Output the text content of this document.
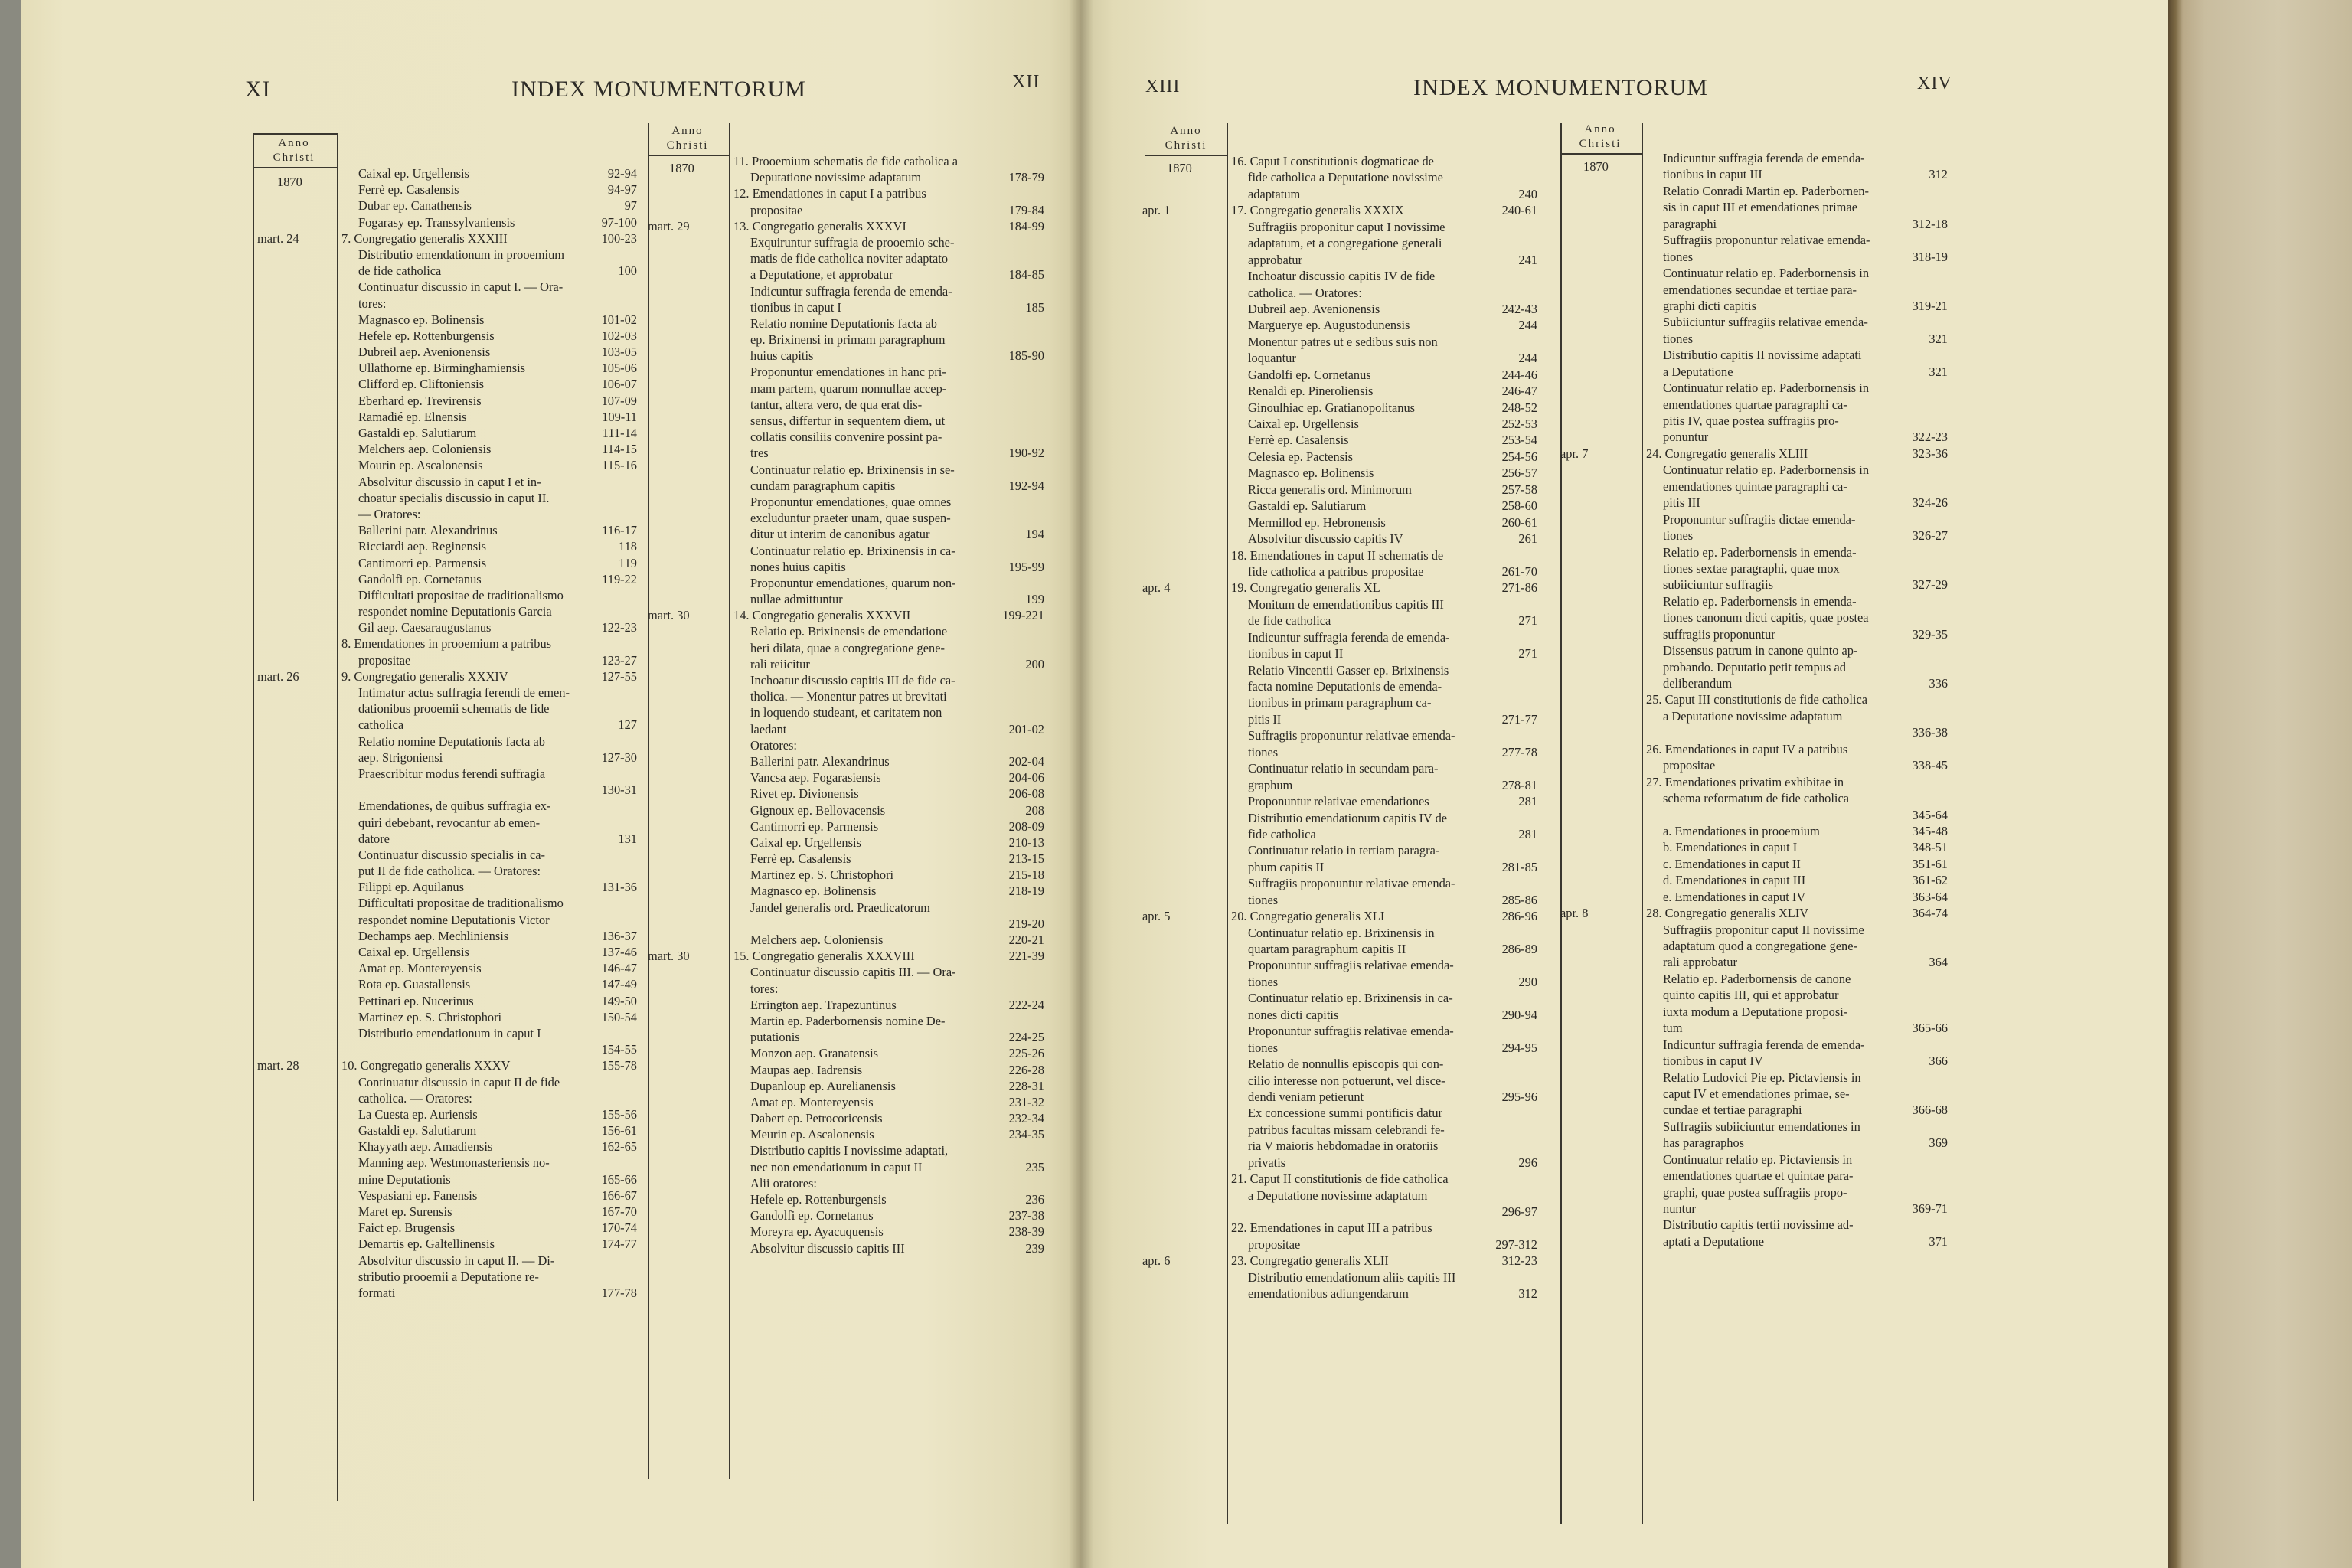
XI	INDEX MONUMENTORUM	XII	XIII	INDEX MONUMENTORUM	XIV
Anno
Christi
Anno
Christi
Anno
Christi
Anno
Christi
1870
1870	1870	1870
Caixal ep. Urgellensis	92-94
Ferrè ep. Casalensis	94-97
Dubar ep. Canathensis	97
Fogarasy ep. Transsylvaniensis	97-100
mart. 24	7. Congregatio generalis XXXIII	100-23
Distributio emendationum in prooemium
de fide catholica	100
Continuatur discussio in caput I. — Ora-
tores:
Magnasco ep. Bolinensis	101-02
Hefele ep. Rottenburgensis	102-03
Dubreil aep. Avenionensis	103-05
Ullathorne ep. Birminghamiensis	105-06
Clifford ep. Cliftoniensis	106-07
Eberhard ep. Trevirensis	107-09
Ramadié ep. Elnensis	109-11
Gastaldi ep. Salutiarum	111-14
Melchers aep. Coloniensis	114-15
Mourin ep. Ascalonensis	115-16
Absolvitur discussio in caput I et in-
choatur specialis discussio in caput II.
— Oratores:
Ballerini patr. Alexandrinus	116-17
Ricciardi aep. Reginensis	118
Cantimorri ep. Parmensis	119
Gandolfi ep. Cornetanus	119-22
Difficultati propositae de traditionalismo
respondet nomine Deputationis Garcia
Gil aep. Caesaraugustanus	122-23
8. Emendationes in prooemium a patribus
propositae	123-27
mart. 26	9. Congregatio generalis XXXIV	127-55
Intimatur actus suffragia ferendi de emen-
dationibus prooemii schematis de fide
catholica	127
Relatio nomine Deputationis facta ab
aep. Strigoniensi	127-30
Praescribitur modus ferendi suffragia
130-31
Emendationes, de quibus suffragia ex-
quiri debebant, revocantur ab emen-
datore	131
Continuatur discussio specialis in ca-
put II de fide catholica. — Oratores:
Filippi ep. Aquilanus	131-36
Difficultati propositae de traditionalismo
respondet nomine Deputationis Victor
Dechamps aep. Mechliniensis	136-37
Caixal ep. Urgellensis	137-46
Amat ep. Montereyensis	146-47
Rota ep. Guastallensis	147-49
Pettinari ep. Nucerinus	149-50
Martinez ep. S. Christophori	150-54
Distributio emendationum in caput I
154-55
mart. 28	10. Congregatio generalis XXXV	155-78
Continuatur discussio in caput II de fide
catholica. — Oratores:
La Cuesta ep. Auriensis	155-56
Gastaldi ep. Salutiarum	156-61
Khayyath aep. Amadiensis	162-65
Manning aep. Westmonasteriensis no-
mine Deputationis	165-66
Vespasiani ep. Fanensis	166-67
Maret ep. Surensis	167-70
Faict ep. Brugensis	170-74
Demartis ep. Galtellinensis	174-77
Absolvitur discussio in caput II. — Di-
stributio prooemii a Deputatione re-
formati	177-78
11. Prooemium schematis de fide catholica a
Deputatione novissime adaptatum	178-79
12. Emendationes in caput I a patribus
propositae	179-84
mart. 29	13. Congregatio generalis XXXVI	184-99
Exquiruntur suffragia de prooemio sche-
matis de fide catholica noviter adaptato
a Deputatione, et approbatur	184-85
Indicuntur suffragia ferenda de emenda-
tionibus in caput I	185
Relatio nomine Deputationis facta ab
ep. Brixinensi in primam paragraphum
huius capitis	185-90
Proponuntur emendationes in hanc pri-
mam partem, quarum nonnullae accep-
tantur, altera vero, de qua erat dis-
sensus, differtur in sequentem diem, ut
collatis consiliis convenire possint pa-
tres	190-92
Continuatur relatio ep. Brixinensis in se-
cundam paragraphum capitis	192-94
Proponuntur emendationes, quae omnes
excluduntur praeter unam, quae suspen-
ditur ut interim de canonibus agatur	194
Continuatur relatio ep. Brixinensis in ca-
nones huius capitis	195-99
Proponuntur emendationes, quarum non-
nullae admittuntur	199
mart. 30	14. Congregatio generalis XXXVII	199-221
Relatio ep. Brixinensis de emendatione
heri dilata, quae a congregatione gene-
rali reiicitur	200
Inchoatur discussio capitis III de fide ca-
tholica. — Monentur patres ut brevitati
in loquendo studeant, et caritatem non
laedant	201-02
Oratores:
Ballerini patr. Alexandrinus	202-04
Vancsa aep. Fogarasiensis	204-06
Rivet ep. Divionensis	206-08
Gignoux ep. Bellovacensis	208
Cantimorri ep. Parmensis	208-09
Caixal ep. Urgellensis	210-13
Ferrè ep. Casalensis	213-15
Martinez ep. S. Christophori	215-18
Magnasco ep. Bolinensis	218-19
Jandel generalis ord. Praedicatorum
219-20
Melchers aep. Coloniensis	220-21
mart. 30	15. Congregatio generalis XXXVIII	221-39
Continuatur discussio capitis III. — Ora-
tores:
Errington aep. Trapezuntinus	222-24
Martin ep. Paderbornensis nomine De-
putationis	224-25
Monzon aep. Granatensis	225-26
Maupas aep. Iadrensis	226-28
Dupanloup ep. Aurelianensis	228-31
Amat ep. Montereyensis	231-32
Dabert ep. Petrocoricensis	232-34
Meurin ep. Ascalonensis	234-35
Distributio capitis I novissime adaptati,
nec non emendationum in caput II	235
Alii oratores:
Hefele ep. Rottenburgensis	236
Gandolfi ep. Cornetanus	237-38
Moreyra ep. Ayacuquensis	238-39
Absolvitur discussio capitis III	239
16. Caput I constitutionis dogmaticae de
fide catholica a Deputatione novissime
adaptatum	240
apr. 1	17. Congregatio generalis XXXIX	240-61
Suffragiis proponitur caput I novissime
adaptatum, et a congregatione generali
approbatur	241
Inchoatur discussio capitis IV de fide
catholica. — Oratores:
Dubreil aep. Avenionensis	242-43
Marguerye ep. Augustodunensis	244
Monentur patres ut e sedibus suis non
loquantur	244
Gandolfi ep. Cornetanus	244-46
Renaldi ep. Pineroliensis	246-47
Ginoulhiac ep. Gratianopolitanus	248-52
Caixal ep. Urgellensis	252-53
Ferrè ep. Casalensis	253-54
Celesia ep. Pactensis	254-56
Magnasco ep. Bolinensis	256-57
Ricca generalis ord. Minimorum	257-58
Gastaldi ep. Salutiarum	258-60
Mermillod ep. Hebronensis	260-61
Absolvitur discussio capitis IV	261
18. Emendationes in caput II schematis de
fide catholica a patribus propositae	261-70
apr. 4	19. Congregatio generalis XL	271-86
Monitum de emendationibus capitis III
de fide catholica	271
Indicuntur suffragia ferenda de emenda-
tionibus in caput II	271
Relatio Vincentii Gasser ep. Brixinensis
facta nomine Deputationis de emenda-
tionibus in primam paragraphum ca-
pitis II	271-77
Suffragiis proponuntur relativae emenda-
tiones	277-78
Continuatur relatio in secundam para-
graphum	278-81
Proponuntur relativae emendationes	281
Distributio emendationum capitis IV de
fide catholica	281
Continuatur relatio in tertiam paragra-
phum capitis II	281-85
Suffragiis proponuntur relativae emenda-
tiones	285-86
apr. 5	20. Congregatio generalis XLI	286-96
Continuatur relatio ep. Brixinensis in
quartam paragraphum capitis II	286-89
Proponuntur suffragiis relativae emenda-
tiones	290
Continuatur relatio ep. Brixinensis in ca-
nones dicti capitis	290-94
Proponuntur suffragiis relativae emenda-
tiones	294-95
Relatio de nonnullis episcopis qui con-
cilio interesse non potuerunt, vel disce-
dendi veniam petierunt	295-96
Ex concessione summi pontificis datur
patribus facultas missam celebrandi fe-
ria V maioris hebdomadae in oratoriis
privatis	296
21. Caput II constitutionis de fide catholica
a Deputatione novissime adaptatum
296-97
22. Emendationes in caput III a patribus
propositae	297-312
apr. 6	23. Congregatio generalis XLII	312-23
Distributio emendationum aliis capitis III
emendationibus adiungendarum	312
Indicuntur suffragia ferenda de emenda-
tionibus in caput III	312
Relatio Conradi Martin ep. Paderbornen-
sis in caput III et emendationes primae
paragraphi	312-18
Suffragiis proponuntur relativae emenda-
tiones	318-19
Continuatur relatio ep. Paderbornensis in
emendationes secundae et tertiae para-
graphi dicti capitis	319-21
Subiiciuntur suffragiis relativae emenda-
tiones	321
Distributio capitis II novissime adaptati
a Deputatione	321
Continuatur relatio ep. Paderbornensis in
emendationes quartae paragraphi ca-
pitis IV, quae postea suffragiis pro-
ponuntur	322-23
apr. 7	24. Congregatio generalis XLIII	323-36
Continuatur relatio ep. Paderbornensis in
emendationes quintae paragraphi ca-
pitis III	324-26
Proponuntur suffragiis dictae emenda-
tiones	326-27
Relatio ep. Paderbornensis in emenda-
tiones sextae paragraphi, quae mox
subiiciuntur suffragiis	327-29
Relatio ep. Paderbornensis in emenda-
tiones canonum dicti capitis, quae postea
suffragiis proponuntur	329-35
Dissensus patrum in canone quinto ap-
probando. Deputatio petit tempus ad
deliberandum	336
25. Caput III constitutionis de fide catholica
a Deputatione novissime adaptatum
336-38
26. Emendationes in caput IV a patribus
propositae	338-45
27. Emendationes privatim exhibitae in
schema reformatum de fide catholica
345-64
a. Emendationes in prooemium	345-48
b. Emendationes in caput I	348-51
c. Emendationes in caput II	351-61
d. Emendationes in caput III	361-62
e. Emendationes in caput IV	363-64
apr. 8	28. Congregatio generalis XLIV	364-74
Suffragiis proponitur caput II novissime
adaptatum quod a congregatione gene-
rali approbatur	364
Relatio ep. Paderbornensis de canone
quinto capitis III, qui et approbatur
iuxta modum a Deputatione proposi-
tum	365-66
Indicuntur suffragia ferenda de emenda-
tionibus in caput IV	366
Relatio Ludovici Pie ep. Pictaviensis in
caput IV et emendationes primae, se-
cundae et tertiae paragraphi	366-68
Suffragiis subiiciuntur emendationes in
has paragraphos	369
Continuatur relatio ep. Pictaviensis in
emendationes quartae et quintae para-
graphi, quae postea suffragiis propo-
nuntur	369-71
Distributio capitis tertii novissime ad-
aptati a Deputatione	371
